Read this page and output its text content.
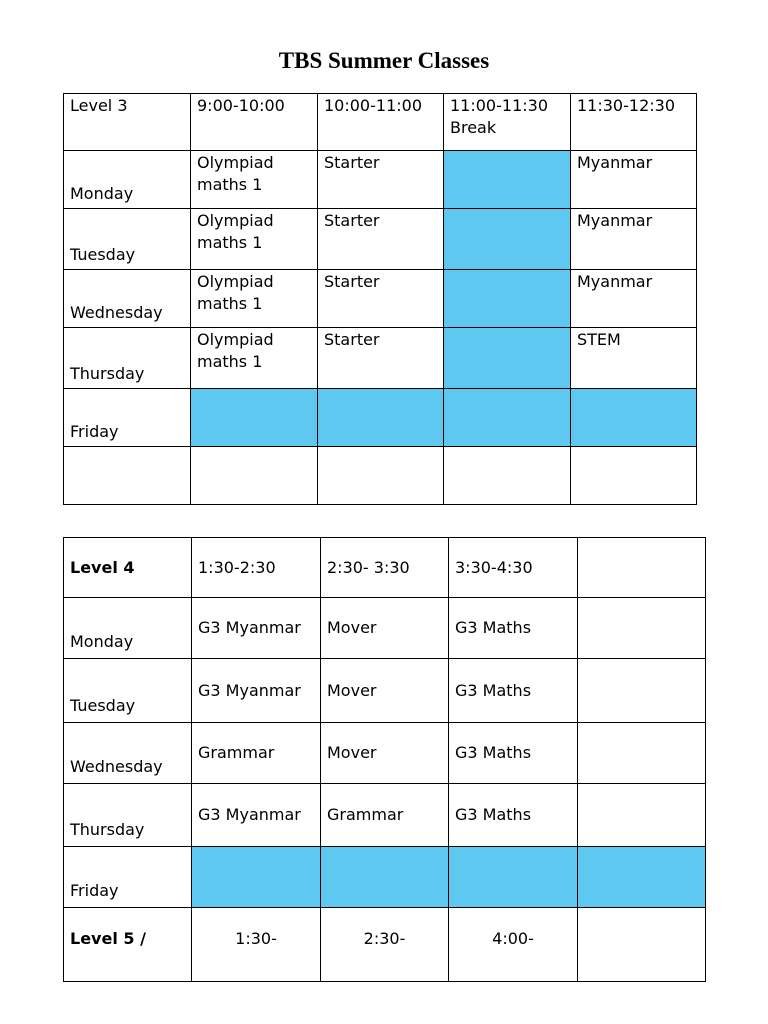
TBS Summer Classes
Level 3	9:00-10:00	10:00-11:00	11:00-11:30 Break	11:30-12:30
Monday	Olympiad maths 1	Starter		Myanmar
Tuesday	Olympiad maths 1	Starter		Myanmar
Wednesday	Olympiad maths 1	Starter		Myanmar
Thursday	Olympiad maths 1	Starter		STEM
Friday				

Level 4	1:30-2:30	2:30- 3:30	3:30-4:30	
Monday	G3 Myanmar	Mover	G3 Maths	
Tuesday	G3 Myanmar	Mover	G3 Maths	
Wednesday	Grammar	Mover	G3 Maths	
Thursday	G3 Myanmar	Grammar	G3 Maths	
Friday				
Level 5 /	1:30-	2:30-	4:00-	
